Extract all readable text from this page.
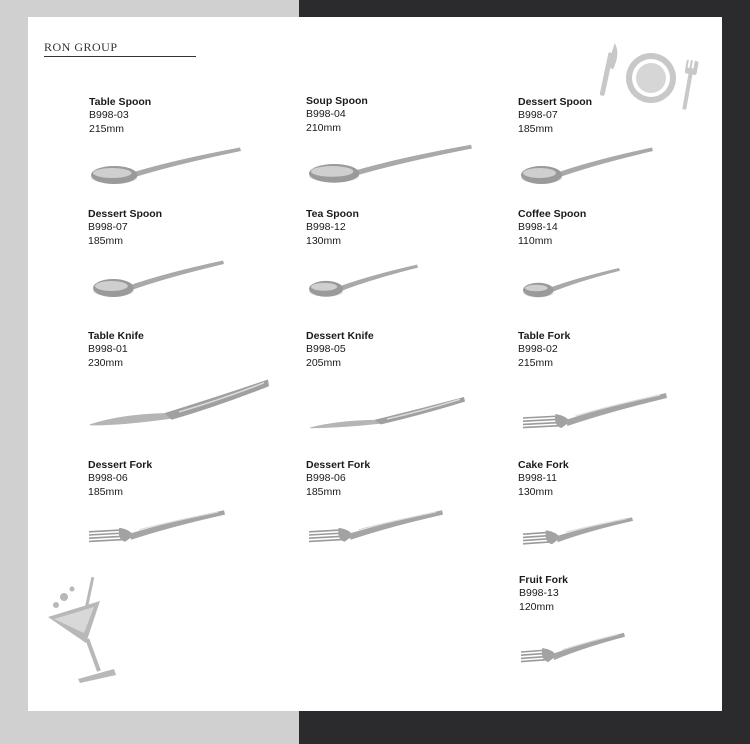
RON GROUP
Table Spoon
B998-03
215mm
Soup Spoon
B998-04
210mm
Dessert Spoon
B998-07
185mm
Dessert Spoon
B998-07
185mm
Tea Spoon
B998-12
130mm
Coffee Spoon
B998-14
110mm
Table Knife
B998-01
230mm
Dessert Knife
B998-05
205mm
Table Fork
B998-02
215mm
Dessert Fork
B998-06
185mm
Dessert Fork
B998-06
185mm
Cake Fork
B998-11
130mm
Fruit Fork
B998-13
120mm
